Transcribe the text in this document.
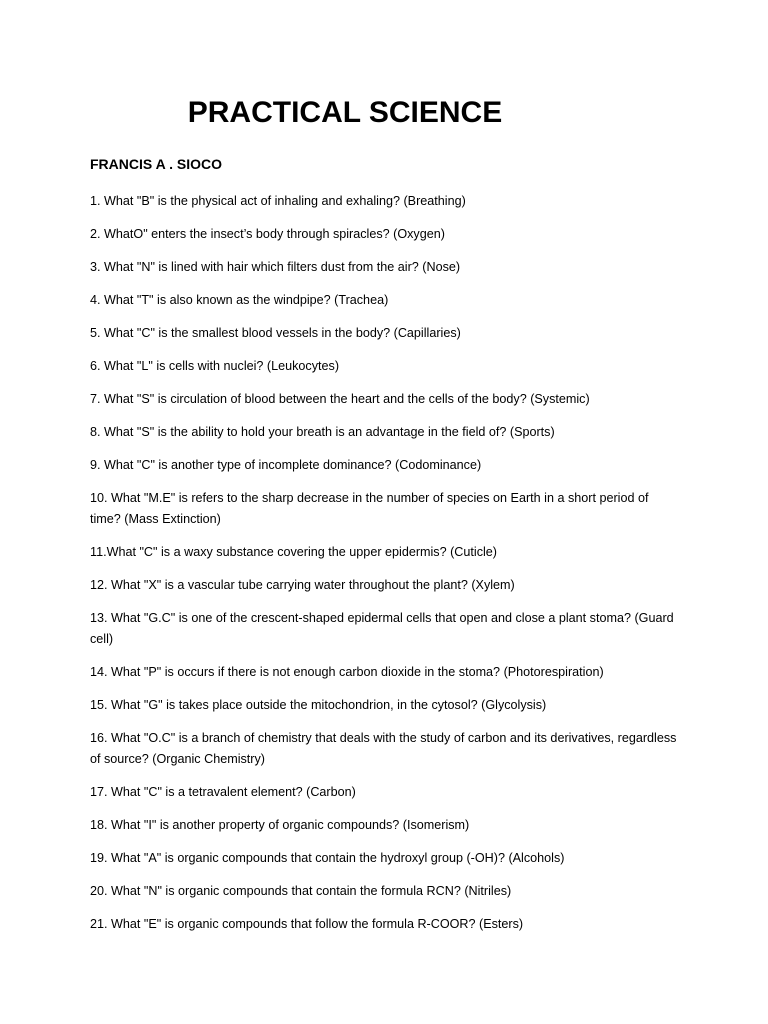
PRACTICAL SCIENCE
FRANCIS A . SIOCO
1. What "B" is the physical act of inhaling and exhaling? (Breathing)
2. WhatO" enters the insect’s body through spiracles? (Oxygen)
3. What "N" is lined with hair which filters dust from the air? (Nose)
4. What "T" is also known as the windpipe? (Trachea)
5. What "C" is the smallest blood vessels in the body? (Capillaries)
6. What "L" is cells with nuclei? (Leukocytes)
7. What "S" is circulation of blood between the heart and the cells of the body? (Systemic)
8. What "S" is the ability to hold your breath is an advantage in the field of? (Sports)
9. What "C" is another type of incomplete dominance? (Codominance)
10. What "M.E" is refers to the sharp decrease in the number of species on Earth in a short period of time? (Mass Extinction)
11.What "C" is a waxy substance covering the upper epidermis? (Cuticle)
12. What "X" is a vascular tube carrying water throughout the plant? (Xylem)
13. What "G.C" is one of the crescent-shaped epidermal cells that open and close a plant stoma? (Guard cell)
14. What "P" is occurs if there is not enough carbon dioxide in the stoma? (Photorespiration)
15. What "G" is takes place outside the mitochondrion, in the cytosol? (Glycolysis)
16. What "O.C" is a branch of chemistry that deals with the study of carbon and its derivatives, regardless of source? (Organic Chemistry)
17. What "C" is a tetravalent element? (Carbon)
18. What "I" is another property of organic compounds? (Isomerism)
19. What "A" is organic compounds that contain the hydroxyl group (-OH)? (Alcohols)
20. What "N" is organic compounds that contain the formula RCN? (Nitriles)
21. What "E" is organic compounds that follow the formula R-COOR? (Esters)
